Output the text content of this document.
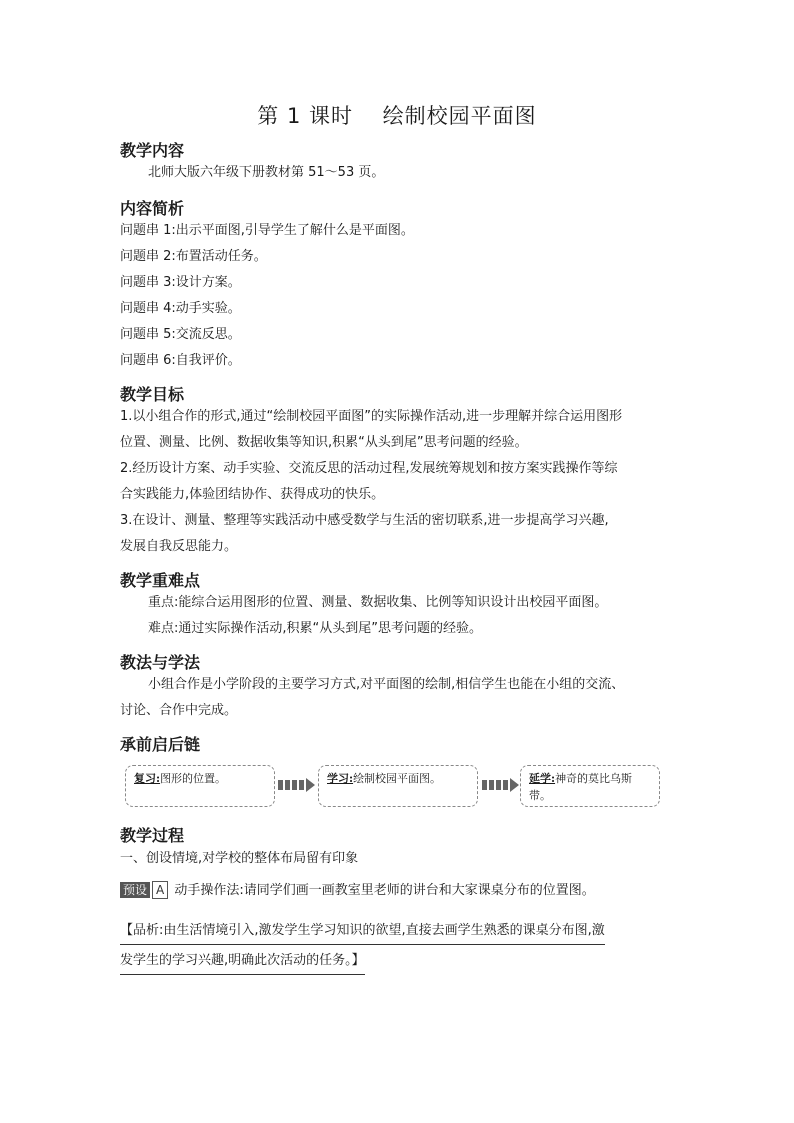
第 1 课时　 绘制校园平面图
教学内容
北师大版六年级下册教材第 51～53 页。
内容简析
问题串 1:出示平面图,引导学生了解什么是平面图。
问题串 2:布置活动任务。
问题串 3:设计方案。
问题串 4:动手实验。
问题串 5:交流反思。
问题串 6:自我评价。
教学目标
1.以小组合作的形式,通过“绘制校园平面图”的实际操作活动,进一步理解并综合运用图形
位置、测量、比例、数据收集等知识,积累“从头到尾”思考问题的经验。
2.经历设计方案、动手实验、交流反思的活动过程,发展统筹规划和按方案实践操作等综
合实践能力,体验团结协作、获得成功的快乐。
3.在设计、测量、整理等实践活动中感受数学与生活的密切联系,进一步提高学习兴趣,
发展自我反思能力。
教学重难点
重点:能综合运用图形的位置、测量、数据收集、比例等知识设计出校园平面图。
难点:通过实际操作活动,积累“从头到尾”思考问题的经验。
教法与学法
小组合作是小学阶段的主要学习方式,对平面图的绘制,相信学生也能在小组的交流、
讨论、合作中完成。
承前启后链
复习:图形的位置。	学习:绘制校园平面图。	延学:神奇的莫比乌斯带。
教学过程
一、创设情境,对学校的整体布局留有印象
预设 A 动手操作法:请同学们画一画教室里老师的讲台和大家课桌分布的位置图。
【品析:由生活情境引入,激发学生学习知识的欲望,直接去画学生熟悉的课桌分布图,激
发学生的学习兴趣,明确此次活动的任务。】
